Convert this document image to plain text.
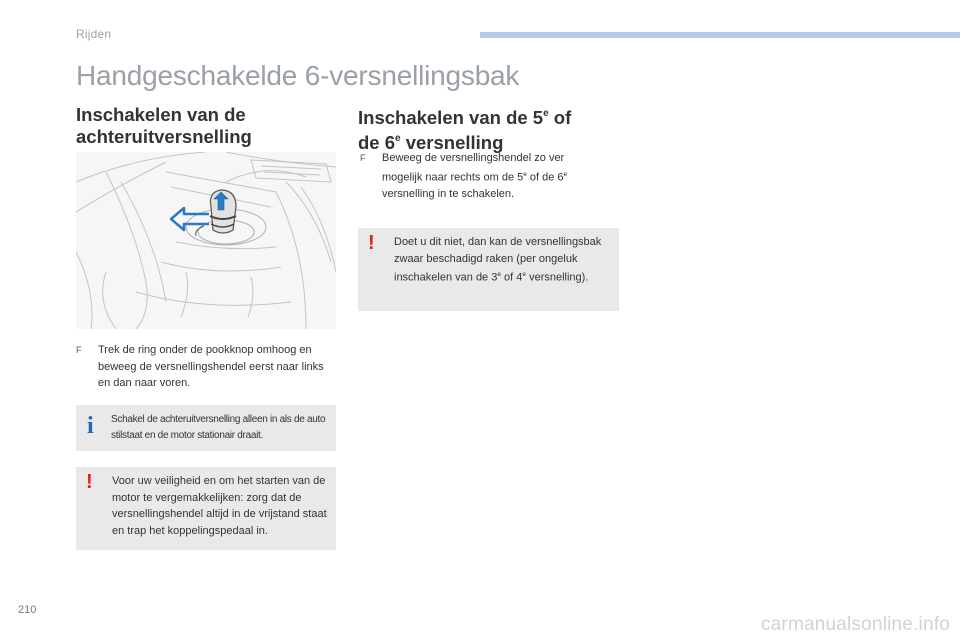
Rijden
Handgeschakelde 6-versnellingsbak
Inschakelen van de
achteruitversnelling
Inschakelen van de 5e of
de 6e versnelling
F Trek de ring onder de pookknop omhoog en beweeg de versnellingshendel eerst naar links en dan naar voren.
i Schakel de achteruitversnelling alleen in als de auto stilstaat en de motor stationair draait.
! Voor uw veiligheid en om het starten van de motor te vergemakkelijken: zorg dat de versnellingshendel altijd in de vrijstand staat en trap het koppelingspedaal in.
F Beweeg de versnellingshendel zo ver mogelijk naar rechts om de 5e of de 6e versnelling in te schakelen.
! Doet u dit niet, dan kan de versnellingsbak zwaar beschadigd raken (per ongeluk inschakelen van de 3e of 4e versnelling).
210
carmanualsonline.info
